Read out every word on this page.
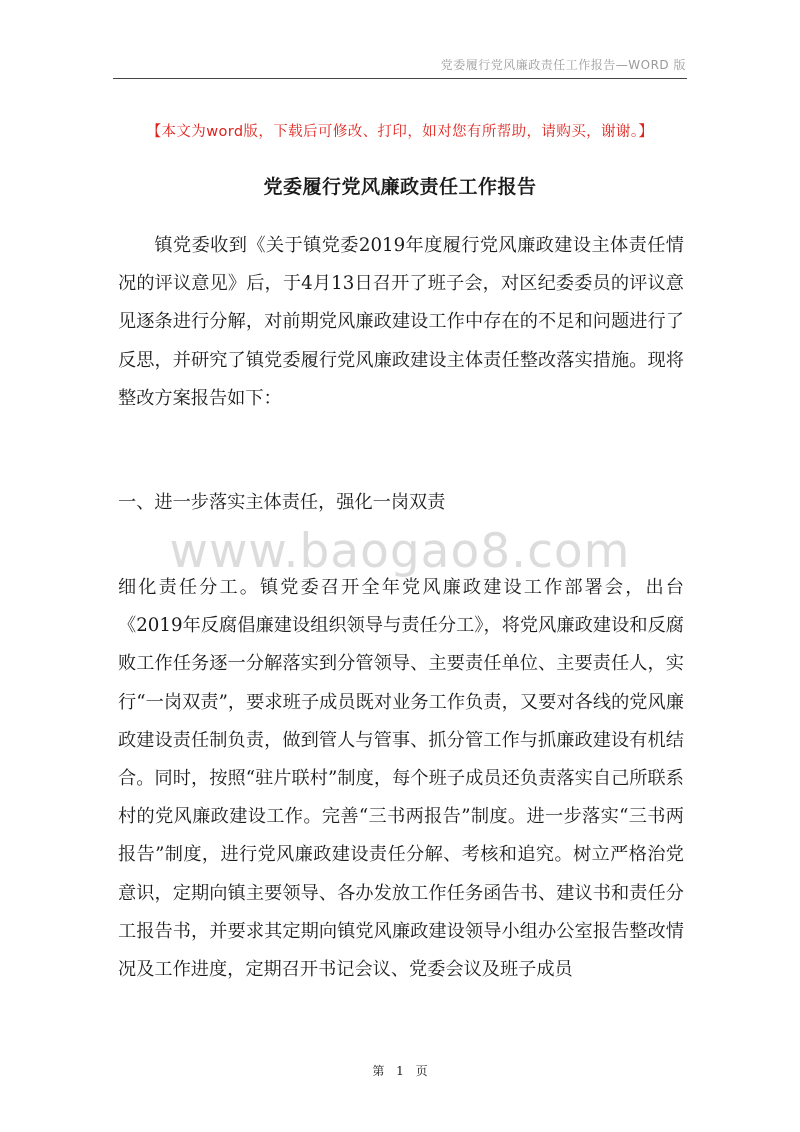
党委履行党风廉政责任工作报告—WORD 版
【本文为word版，下载后可修改、打印，如对您有所帮助，请购买，谢谢。】
党委履行党风廉政责任工作报告

镇党委收到《关于镇党委2019年度履行党风廉政建设主体责任情况的评议意见》后，于4月13日召开了班子会，对区纪委委员的评议意见逐条进行分解，对前期党风廉政建设工作中存在的不足和问题进行了反思，并研究了镇党委履行党风廉政建设主体责任整改落实措施。现将整改方案报告如下：

一、进一步落实主体责任，强化一岗双责
www.baogao8.com

细化责任分工。镇党委召开全年党风廉政建设工作部署会，出台《2019年反腐倡廉建设组织领导与责任分工》，将党风廉政建设和反腐败工作任务逐一分解落实到分管领导、主要责任单位、主要责任人，实行“一岗双责”，要求班子成员既对业务工作负责，又要对各线的党风廉政建设责任制负责，做到管人与管事、抓分管工作与抓廉政建设有机结合。同时，按照“驻片联村”制度，每个班子成员还负责落实自己所联系村的党风廉政建设工作。完善“三书两报告”制度。进一步落实“三书两报告”制度，进行党风廉政建设责任分解、考核和追究。树立严格治党意识，定期向镇主要领导、各办发放工作任务函告书、建议书和责任分工报告书，并要求其定期向镇党风廉政建设领导小组办公室报告整改情况及工作进度，定期召开书记会议、党委会议及班子成员

第 1 页
